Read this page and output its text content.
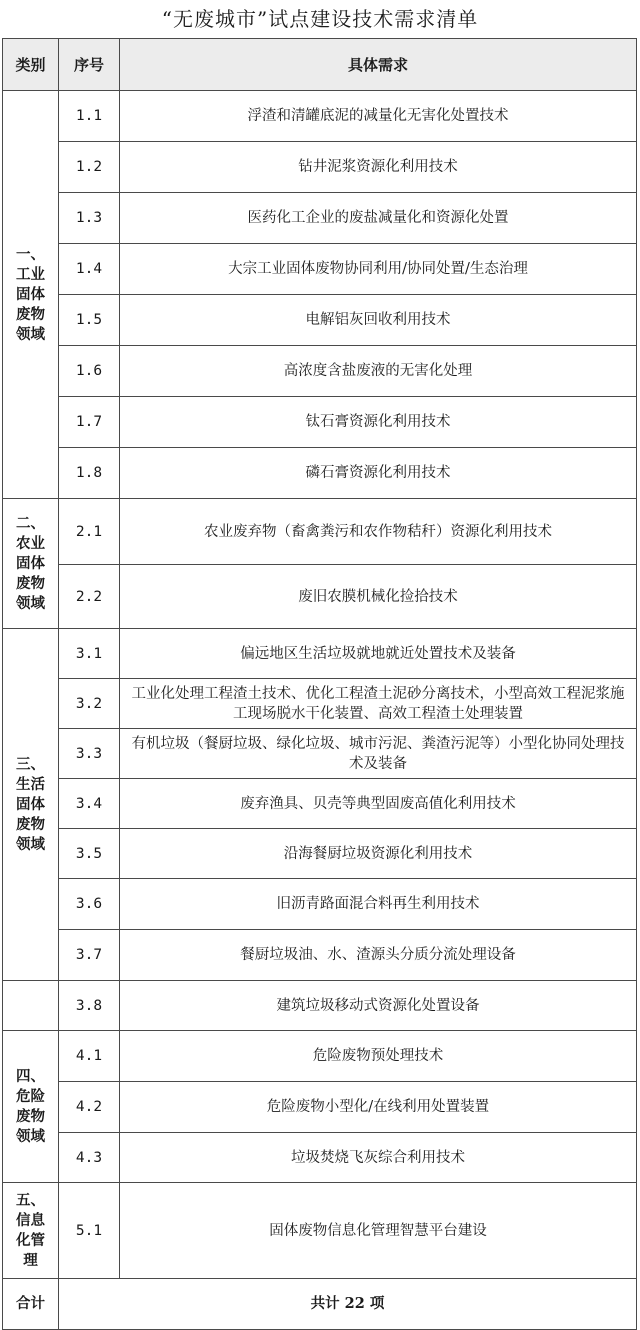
“无废城市”试点建设技术需求清单
类别	序号	具体需求
一、工业固体废物领域	1.1	浮渣和清罐底泥的减量化无害化处置技术
	1.2	钻井泥浆资源化利用技术
	1.3	医药化工企业的废盐减量化和资源化处置
	1.4	大宗工业固体废物协同利用/协同处置/生态治理
	1.5	电解铝灰回收利用技术
	1.6	高浓度含盐废液的无害化处理
	1.7	钛石膏资源化利用技术
	1.8	磷石膏资源化利用技术
二、农业固体废物领域	2.1	农业废弃物（畜禽粪污和农作物秸秆）资源化利用技术
	2.2	废旧农膜机械化捡拾技术
三、生活固体废物领域	3.1	偏远地区生活垃圾就地就近处置技术及装备
	3.2	工业化处理工程渣土技术、优化工程渣土泥砂分离技术，小型高效工程泥浆施工现场脱水干化装置、高效工程渣土处理装置
	3.3	有机垃圾（餐厨垃圾、绿化垃圾、城市污泥、粪渣污泥等）小型化协同处理技术及装备
	3.4	废弃渔具、贝壳等典型固废高值化利用技术
	3.5	沿海餐厨垃圾资源化利用技术
	3.6	旧沥青路面混合料再生利用技术
	3.7	餐厨垃圾油、水、渣源头分质分流处理设备
	3.8	建筑垃圾移动式资源化处置设备
四、危险废物领域	4.1	危险废物预处理技术
	4.2	危险废物小型化/在线利用处置装置
	4.3	垃圾焚烧飞灰综合利用技术
五、信息化管理	5.1	固体废物信息化管理智慧平台建设
合计	共计 22 项	
